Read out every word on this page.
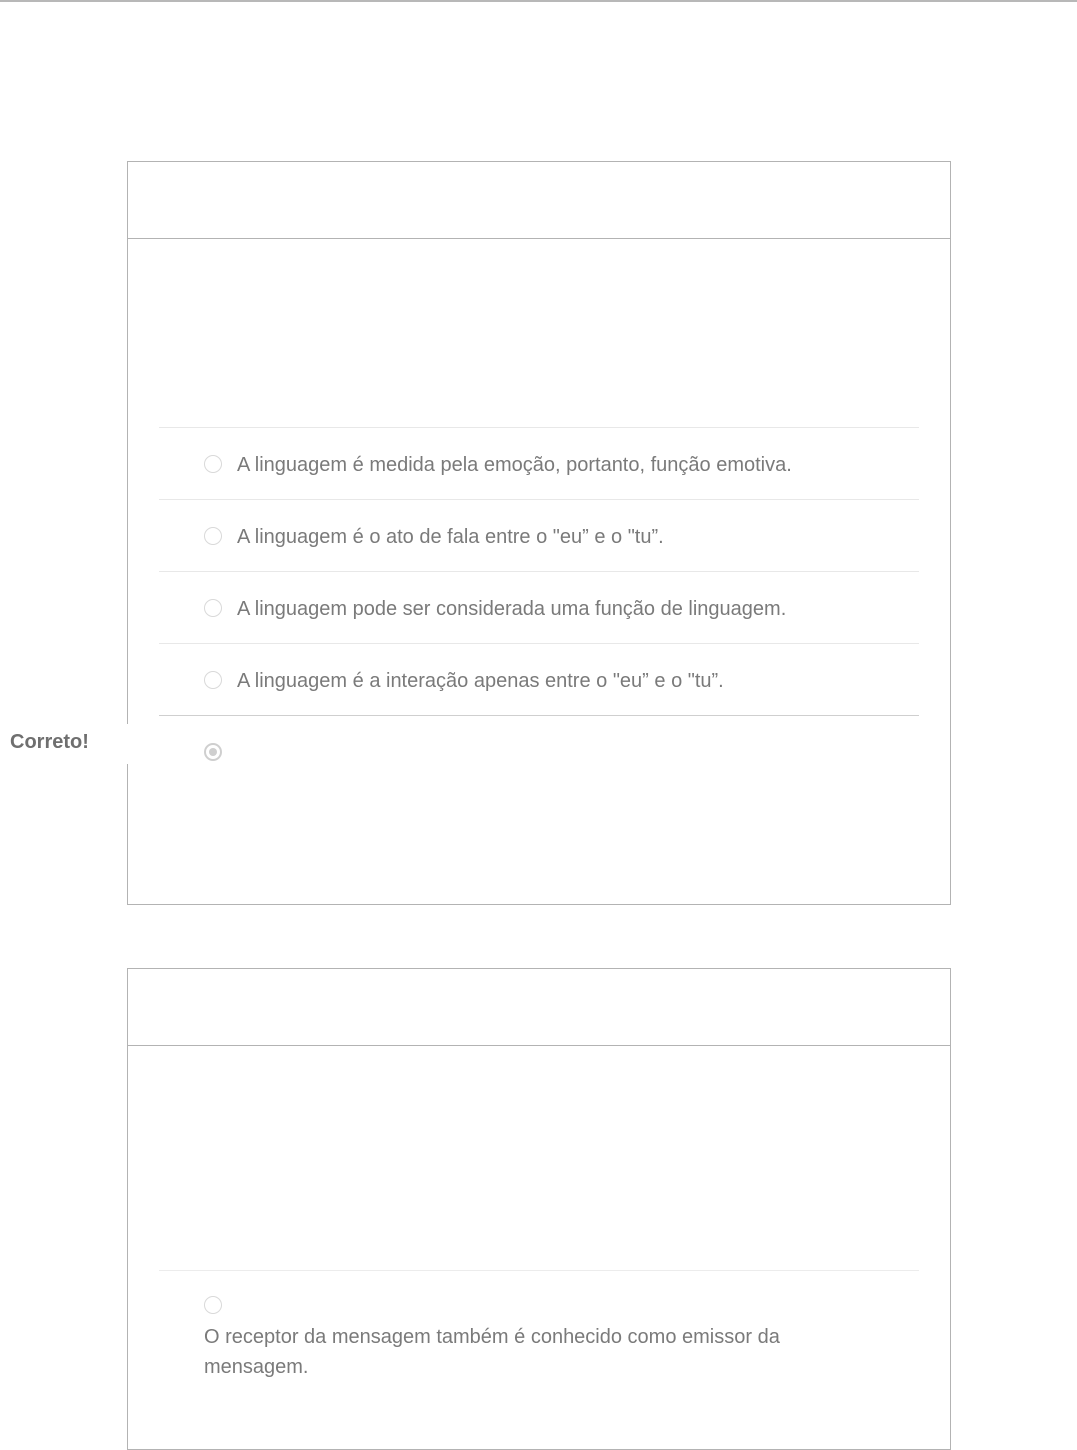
A linguagem é medida pela emoção, portanto, função emotiva.
A linguagem é o ato de fala entre o "eu” e o "tu”.
A linguagem pode ser considerada uma função de linguagem.
A linguagem é a interação apenas entre o "eu” e o "tu”.
Correto!
O receptor da mensagem também é conhecido como emissor da mensagem.
